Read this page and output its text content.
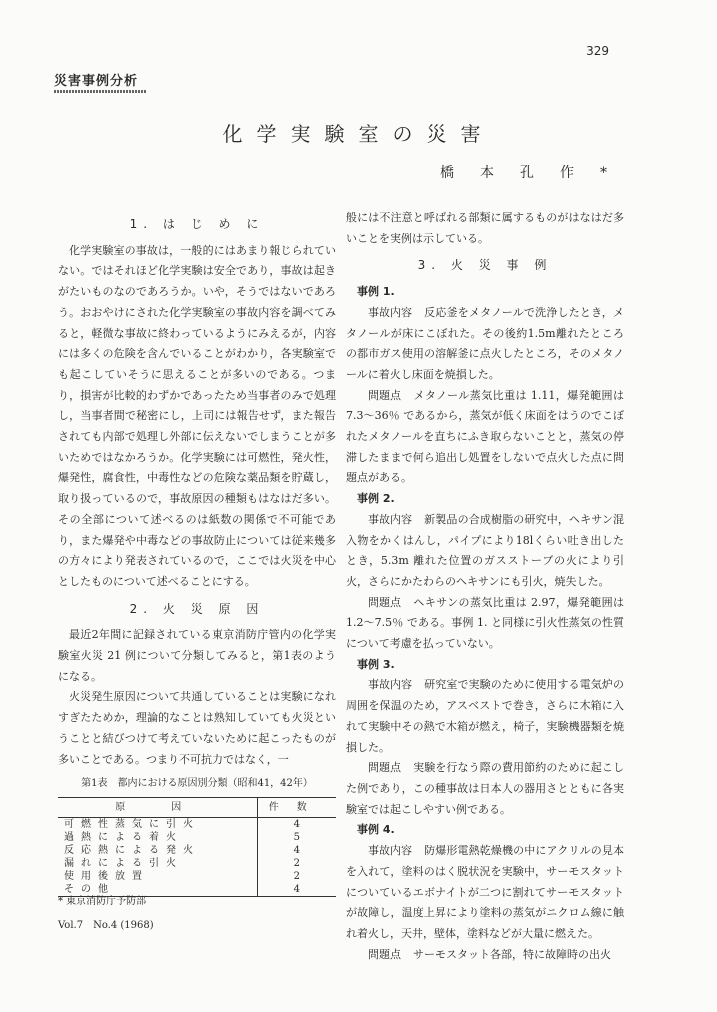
329
災害事例分析
化学実験室の災害
橋本孔作*
1. は じ め に

化学実験室の事故は，一般的にはあまり報じられていない。ではそれほど化学実験は安全であり，事故は起きがたいものなのであろうか。いや，そうではないであろう。おおやけにされた化学実験室の事故内容を調べてみると，軽微な事故に終わっているようにみえるが，内容には多くの危険を含んでいることがわかり，各実験室でも起こしていそうに思えることが多いのである。つまり，損害が比較的わずかであったため当事者のみで処理し，当事者間で秘密にし，上司には報告せず，また報告されても内部で処理し外部に伝えないでしまうことが多いためではなかろうか。化学実験には可燃性，発火性，爆発性，腐食性，中毒性などの危険な薬品類を貯蔵し，取り扱っているので，事故原因の種類もはなはだ多い。その全部について述べるのは紙数の関係で不可能であり，また爆発や中毒などの事故防止については従来幾多の方々により発表されているので，ここでは火災を中心としたものについて述べることにする。

2. 火 災 原 因

最近2年間に記録されている東京消防庁管内の化学実験室火災 21 例について分類してみると，第1表のようになる。

火災発生原因について共通していることは実験になれすぎたためか，理論的なことは熟知していても火災ということと結びつけて考えていないために起こったものが多いことである。つまり不可抗力ではなく，一

第1表　都内における原因別分類（昭和41，42年）
原　因	件数
可燃性蒸気に引火	4
過熱による着火	5
反応熱による発火	4
漏れによる引火	2
使用後放置	2
その他	4
* 東京消防庁予防部
Vol.7　No.4 (1968)

般には不注意と呼ばれる部類に属するものがはなはだ多いことを実例は示している。

3. 火 災 事 例
事例 1.

事故内容 反応釜をメタノールで洗浄したとき，メタノールが床にこぼれた。その後約1.5m離れたところの都市ガス使用の溶解釜に点火したところ，そのメタノールに着火し床面を焼損した。

問題点 メタノール蒸気比重は 1.11，爆発範囲は 7.3～36％ であるから，蒸気が低く床面をはうのでこぼれたメタノールを直ちにふき取らないことと，蒸気の停滞したままで何ら追出し処置をしないで点火した点に問題点がある。

事例 2.

事故内容 新製品の合成樹脂の研究中，ヘキサン混入物をかくはんし，パイプにより18lくらい吐き出したとき，5.3m 離れた位置のガスストーブの火により引火，さらにかたわらのヘキサンにも引火，焼失した。

問題点 ヘキサンの蒸気比重は 2.97，爆発範囲は 1.2～7.5％ である。事例 1. と同様に引火性蒸気の性質について考慮を払っていない。

事例 3.

事故内容 研究室で実験のために使用する電気炉の周囲を保温のため，アスベストで巻き，さらに木箱に入れて実験中その熱で木箱が燃え，椅子，実験機器類を焼損した。

問題点 実験を行なう際の費用節約のために起こした例であり，この種事故は日本人の器用さとともに各実験室では起こしやすい例である。

事例 4.

事故内容 防爆形電熱乾燥機の中にアクリルの見本を入れて，塗料のはく脱状況を実験中，サーモスタットについているエボナイトが二つに割れてサーモスタットが故障し，温度上昇により塗料の蒸気がニクロム線に触れ着火し，天井，壁体，塗料などが大量に燃えた。

問題点 サーモスタット各部，特に故障時の出火
